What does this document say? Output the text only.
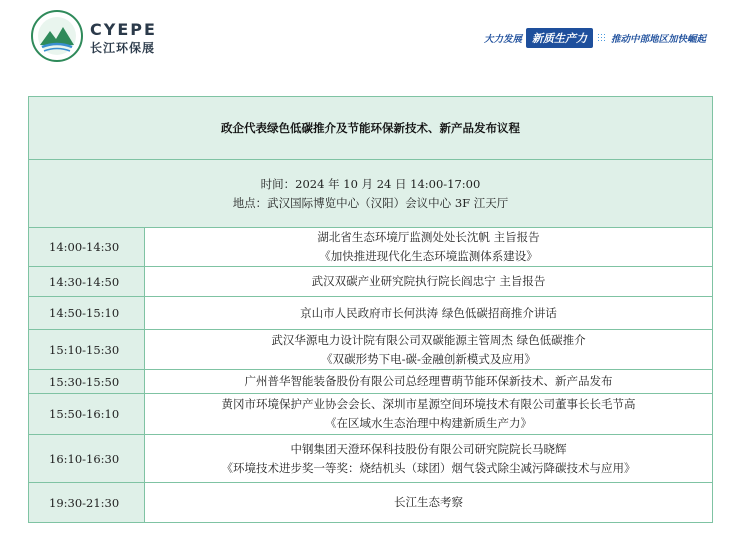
CYEPE
长江环保展
大力发展 新质生产力	推动中部地区加快崛起
政企代表绿色低碳推介及节能环保新技术、新产品发布议程	

时间：2024 年 10 月 24 日 14:00-17:00
地点：武汉国际博览中心（汉阳）会议中心 3F 江天厅	

14:00-14:30	湖北省生态环境厅监测处处长沈帆 主旨报告
《加快推进现代化生态环境监测体系建设》

14:30-14:50	武汉双碳产业研究院执行院长阎忠宁 主旨报告

14:50-15:10	京山市人民政府市长何洪涛 绿色低碳招商推介讲话

15:10-15:30	武汉华源电力设计院有限公司双碳能源主管周杰 绿色低碳推介
《双碳形势下电-碳-金融创新模式及应用》

15:30-15:50	广州普华智能装备股份有限公司总经理曹萌节能环保新技术、新产品发布

15:50-16:10	黄冈市环境保护产业协会会长、深圳市星源空间环境技术有限公司董事长长毛节高
《在区域水生态治理中构建新质生产力》

16:10-16:30	中钢集团天澄环保科技股份有限公司研究院院长马晓辉
《环境技术进步奖一等奖：烧结机头（球团）烟气袋式除尘减污降碳技术与应用》

19:30-21:30	长江生态考察
